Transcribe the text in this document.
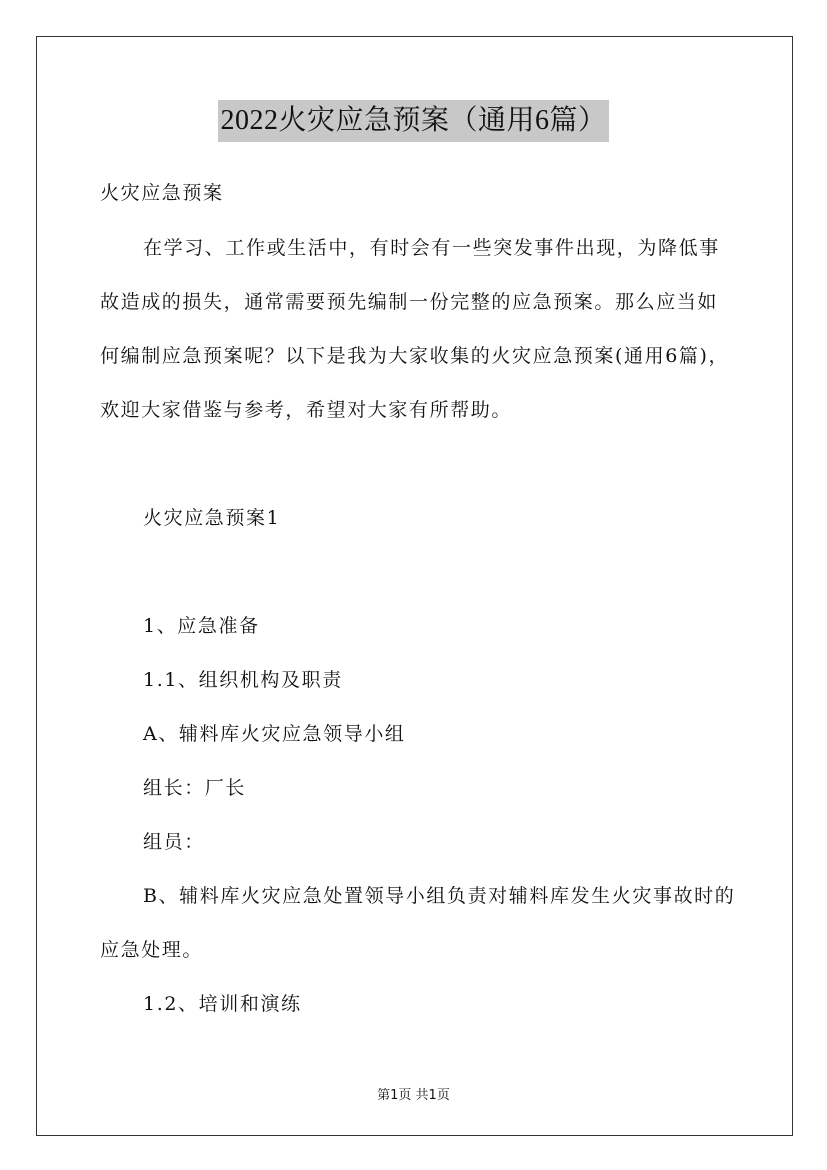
2022火灾应急预案（通用6篇）
火灾应急预案
在学习、工作或生活中，有时会有一些突发事件出现，为降低事
故造成的损失，通常需要预先编制一份完整的应急预案。那么应当如
何编制应急预案呢？以下是我为大家收集的火灾应急预案(通用6篇)，
欢迎大家借鉴与参考，希望对大家有所帮助。
火灾应急预案1
1、应急准备
1.1、组织机构及职责
A、辅料库火灾应急领导小组
组长：厂长
组员：
B、辅料库火灾应急处置领导小组负责对辅料库发生火灾事故时的
应急处理。
1.2、培训和演练
第1页 共1页
